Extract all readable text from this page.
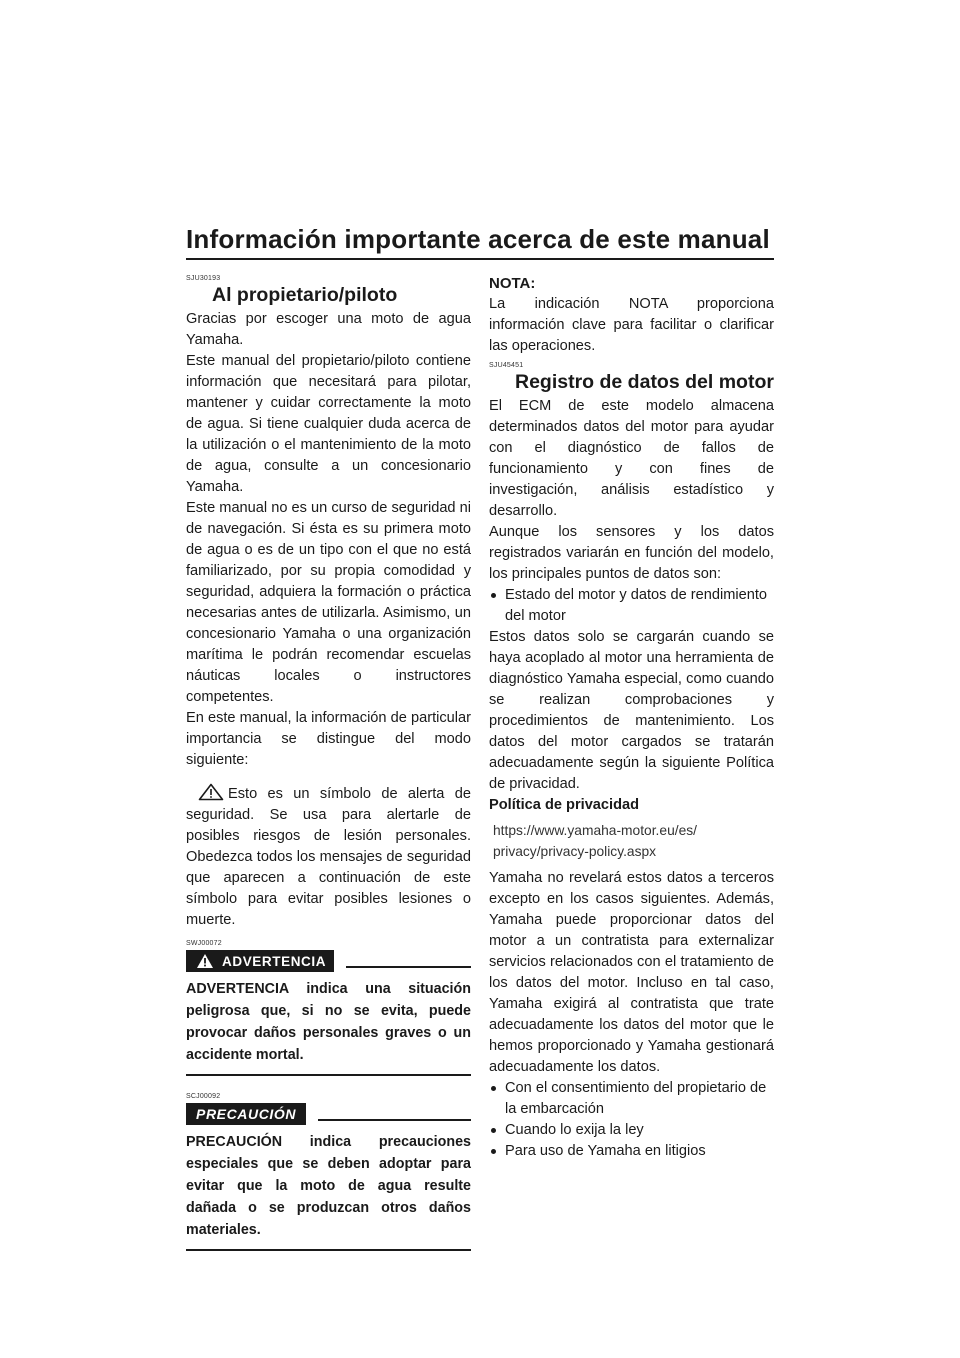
Información importante acerca de este manual
SJU30193
Al propietario/piloto

Gracias por escoger una moto de agua Yamaha.

Este manual del propietario/piloto contiene información que necesitará para pilotar, mantener y cuidar correctamente la moto de agua. Si tiene cualquier duda acerca de la utilización o el mantenimiento de la moto de agua, consulte a un concesionario Yamaha.

Este manual no es un curso de seguridad ni de navegación. Si ésta es su primera moto de agua o es de un tipo con el que no está familiarizado, por su propia comodidad y seguridad, adquiera la formación o práctica necesarias antes de utilizarla. Asimismo, un concesionario Yamaha o una organización marítima le podrán recomendar escuelas náuticas locales o instructores competentes.

En este manual, la información de particular importancia se distingue del modo siguiente:

Esto es un símbolo de alerta de seguridad. Se usa para alertarle de posibles riesgos de lesión personales. Obedezca todos los mensajes de seguridad que aparecen a continuación de este símbolo para evitar posibles lesiones o muerte.

SWJ00072
ADVERTENCIA

ADVERTENCIA indica una situación peligrosa que, si no se evita, puede provocar daños personales graves o un accidente mortal.

SCJ00092
PRECAUCIÓN

PRECAUCIÓN indica precauciones especiales que se deben adoptar para evitar que la moto de agua resulte dañada o se produzcan otros daños materiales.

NOTA:

La indicación NOTA proporciona información clave para facilitar o clarificar las operaciones.

SJU45451
Registro de datos del motor

El ECM de este modelo almacena determinados datos del motor para ayudar con el diagnóstico de fallos de funcionamiento y con fines de investigación, análisis estadístico y desarrollo.

Aunque los sensores y los datos registrados variarán en función del modelo, los principales puntos de datos son:

Estado del motor y datos de rendimiento del motor

Estos datos solo se cargarán cuando se haya acoplado al motor una herramienta de diagnóstico Yamaha especial, como cuando se realizan comprobaciones y procedimientos de mantenimiento. Los datos del motor cargados se tratarán adecuadamente según la siguiente Política de privacidad.

Política de privacidad
https://www.yamaha-motor.eu/es/
privacy/privacy-policy.aspx

Yamaha no revelará estos datos a terceros excepto en los casos siguientes. Además, Yamaha puede proporcionar datos del motor a un contratista para externalizar servicios relacionados con el tratamiento de los datos del motor. Incluso en tal caso, Yamaha exigirá al contratista que trate adecuadamente los datos del motor que le hemos proporcionado y Yamaha gestionará adecuadamente los datos.

Con el consentimiento del propietario de la embarcación
Cuando lo exija la ley
Para uso de Yamaha en litigios
